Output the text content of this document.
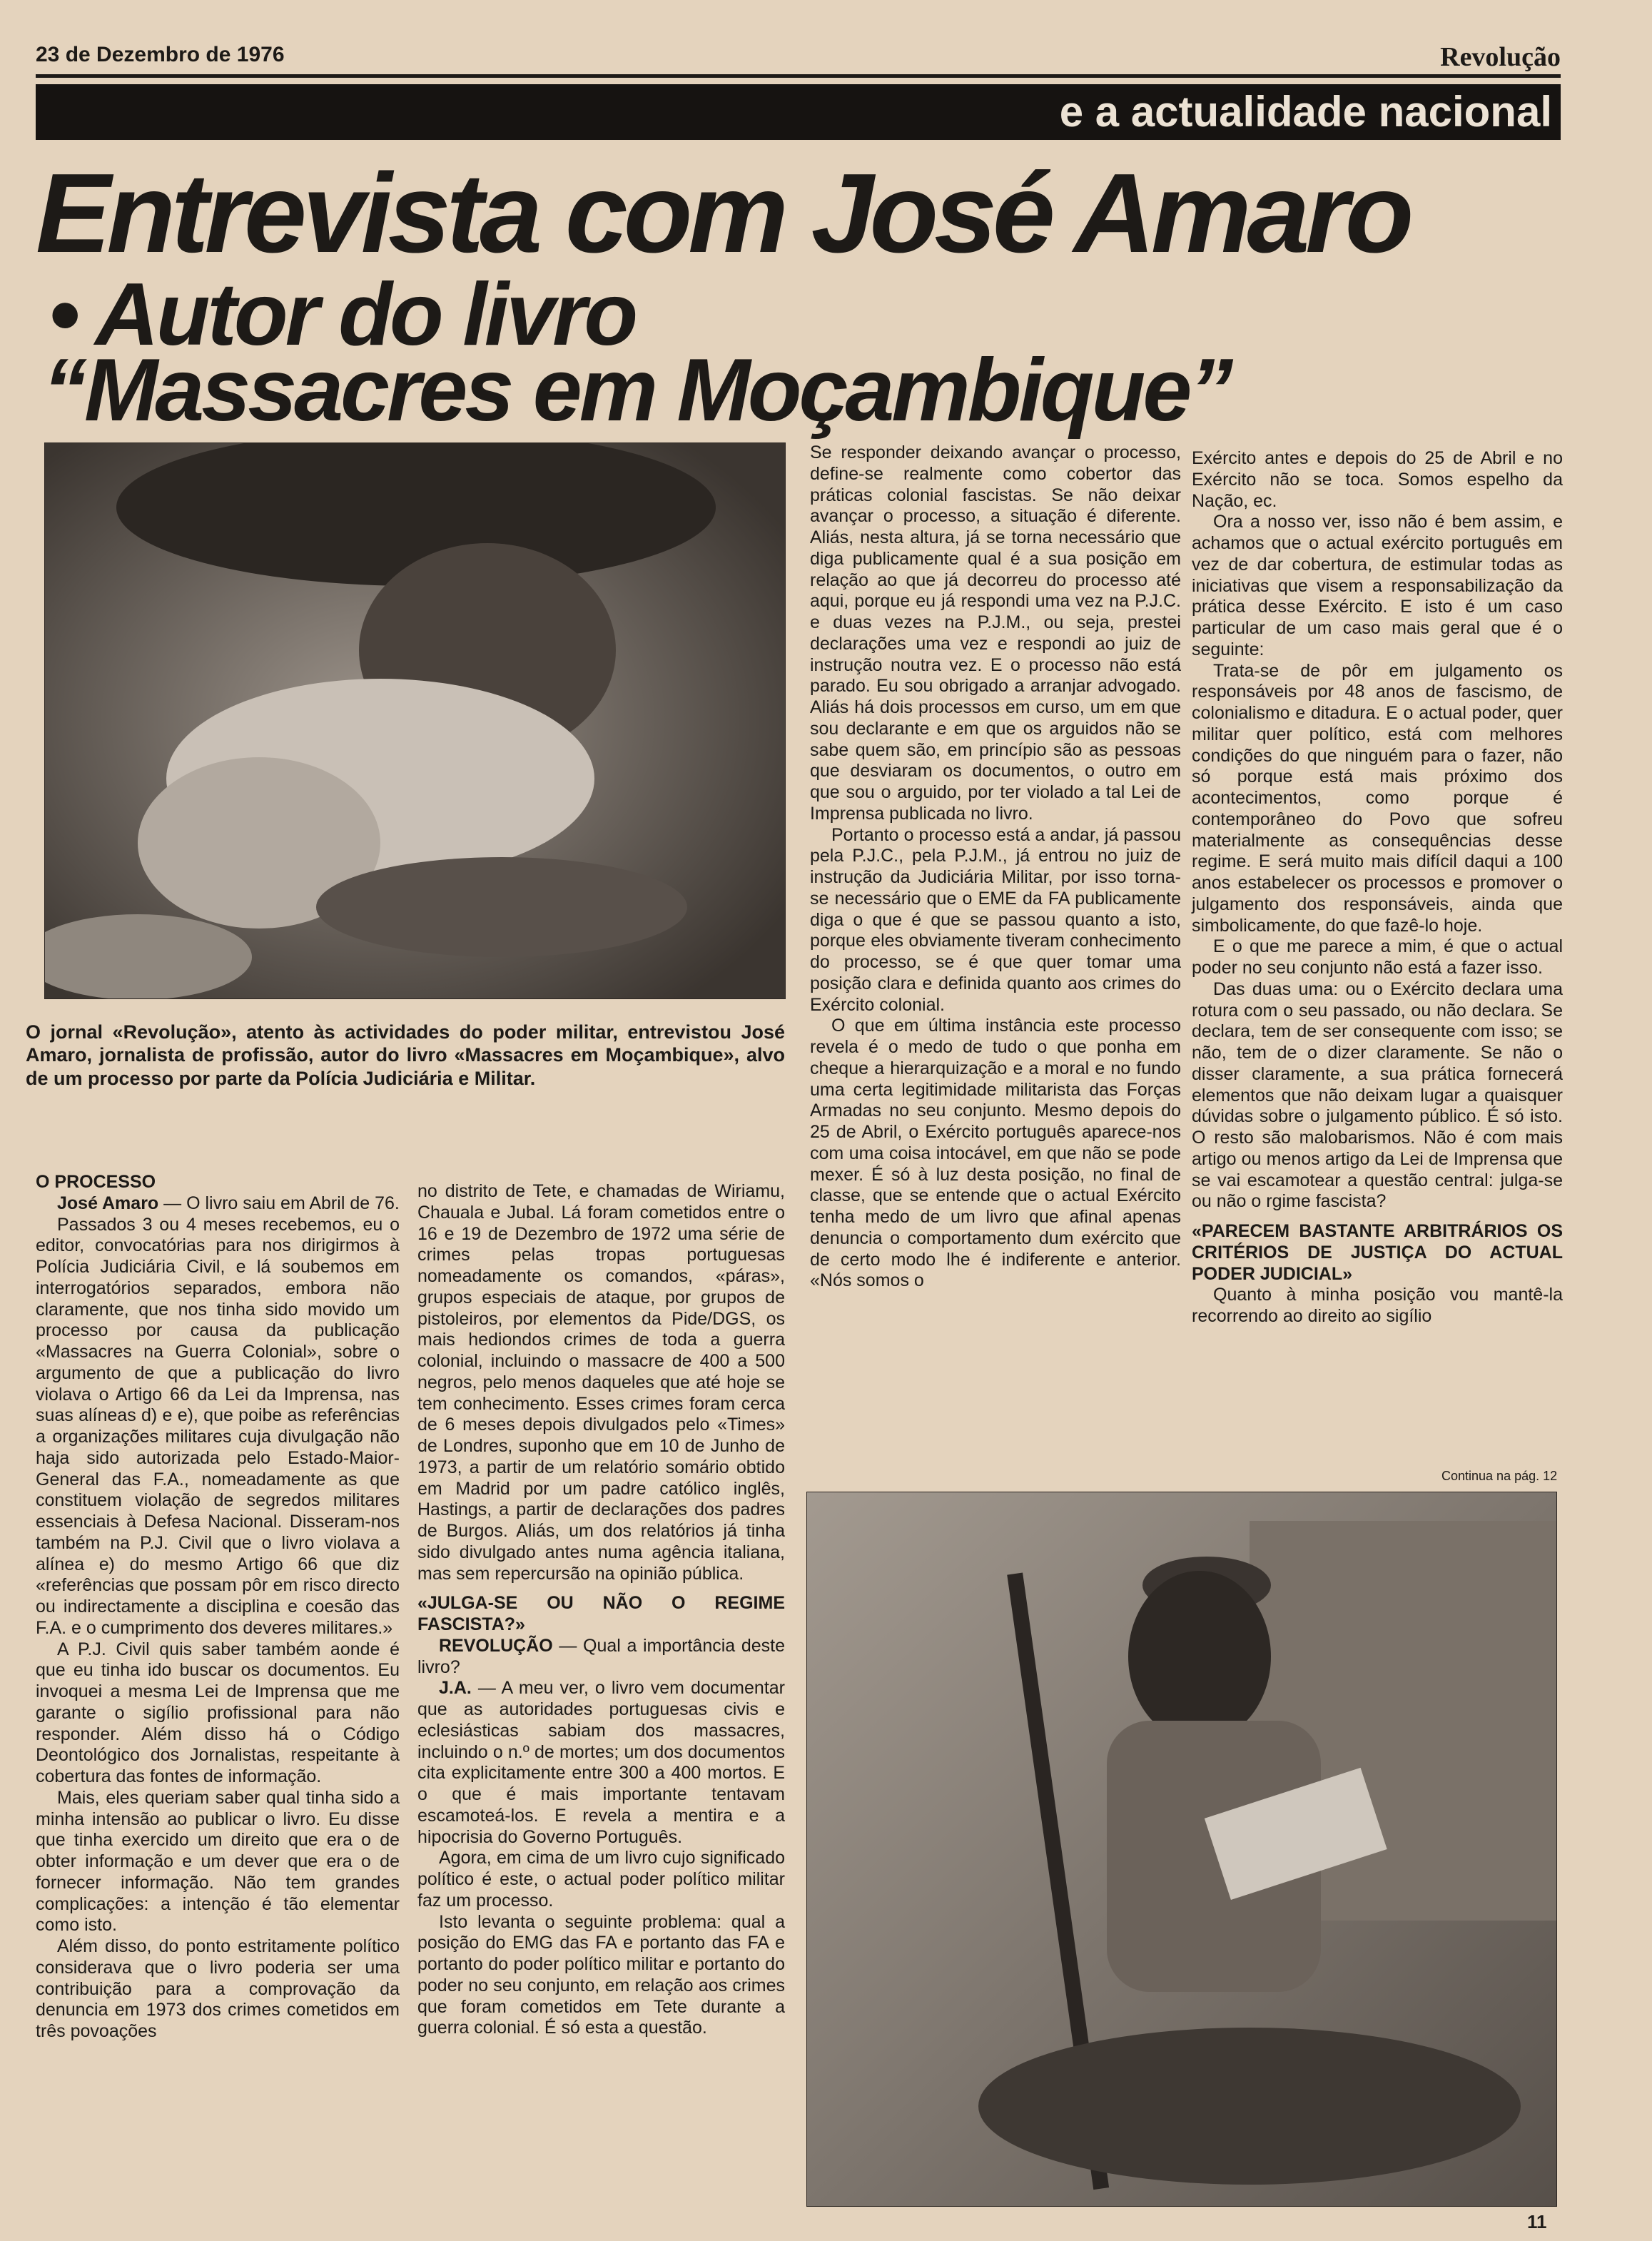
23 de Dezembro de 1976	Revolução
e a actualidade nacional
Entrevista com José Amaro
• Autor do livro
“Massacres em Moçambique”
O jornal «Revolução», atento às actividades do poder militar, entrevistou José Amaro, jornalista de profissão, autor do livro «Massacres em Moçambique», alvo de um processo por parte da Polícia Judiciária e Militar.

O PROCESSO

José Amaro — O livro saiu em Abril de 76.

Passados 3 ou 4 meses recebemos, eu o editor, convocatórias para nos dirigirmos à Polícia Judiciária Civil, e lá soubemos em interrogatórios separados, embora não claramente, que nos tinha sido movido um processo por causa da publicação «Massacres na Guerra Colonial», sobre o argumento de que a publicação do livro violava o Artigo 66 da Lei da Imprensa, nas suas alíneas d) e e), que poibe as referências a organizações militares cuja divulgação não haja sido autorizada pelo Estado-Maior-General das F.A., nomeadamente as que constituem violação de segredos militares essenciais à Defesa Nacional. Disseram-nos também na P.J. Civil que o livro violava a alínea e) do mesmo Artigo 66 que diz «referências que possam pôr em risco directo ou indirectamente a disciplina e coesão das F.A. e o cumprimento dos deveres militares.»

A P.J. Civil quis saber também aonde é que eu tinha ido buscar os documentos. Eu invoquei a mesma Lei de Imprensa que me garante o sigílio profissional para não responder. Além disso há o Código Deontológico dos Jornalistas, respeitante à cobertura das fontes de informação.

Mais, eles queriam saber qual tinha sido a minha intensão ao publicar o livro. Eu disse que tinha exercido um direito que era o de obter informação e um dever que era o de fornecer informação. Não tem grandes complicações: a intenção é tão elementar como isto.

Além disso, do ponto estritamente político considerava que o livro poderia ser uma contribuição para a comprovação da denuncia em 1973 dos crimes cometidos em três povoações

no distrito de Tete, e chamadas de Wiriamu, Chauala e Jubal. Lá foram cometidos entre o 16 e 19 de Dezembro de 1972 uma série de crimes pelas tropas portuguesas nomeadamente os comandos, «páras», grupos especiais de ataque, por grupos de pistoleiros, por elementos da Pide/DGS, os mais hediondos crimes de toda a guerra colonial, incluindo o massacre de 400 a 500 negros, pelo menos daqueles que até hoje se tem conhecimento. Esses crimes foram cerca de 6 meses depois divulgados pelo «Times» de Londres, suponho que em 10 de Junho de 1973, a partir de um relatório somário obtido em Madrid por um padre católico inglês, Hastings, a partir de declarações dos padres de Burgos. Aliás, um dos relatórios já tinha sido divulgado antes numa agência italiana, mas sem repercursão na opinião pública.

«JULGA-SE OU NÃO O REGIME FASCISTA?»

REVOLUÇÃO — Qual a importância deste livro?

J.A. — A meu ver, o livro vem documentar que as autoridades portuguesas civis e eclesiásticas sabiam dos massacres, incluindo o n.º de mortes; um dos documentos cita explicitamente entre 300 a 400 mortos. E o que é mais importante tentavam escamoteá-los. E revela a mentira e a hipocrisia do Governo Português.

Agora, em cima de um livro cujo significado político é este, o actual poder político militar faz um processo.

Isto levanta o seguinte problema: qual a posição do EMG das FA e portanto das FA e portanto do poder político militar e portanto do poder no seu conjunto, em relação aos crimes que foram cometidos em Tete durante a guerra colonial. É só esta a questão.

Se responder deixando avançar o processo, define-se realmente como cobertor das práticas colonial fascistas. Se não deixar avançar o processo, a situação é diferente. Aliás, nesta altura, já se torna necessário que diga publicamente qual é a sua posição em relação ao que já decorreu do processo até aqui, porque eu já respondi uma vez na P.J.C. e duas vezes na P.J.M., ou seja, prestei declarações uma vez e respondi ao juiz de instrução noutra vez. E o processo não está parado. Eu sou obrigado a arranjar advogado. Aliás há dois processos em curso, um em que sou declarante e em que os arguidos não se sabe quem são, em princípio são as pessoas que desviaram os documentos, o outro em que sou o arguido, por ter violado a tal Lei de Imprensa publicada no livro.

Portanto o processo está a andar, já passou pela P.J.C., pela P.J.M., já entrou no juiz de instrução da Judiciária Militar, por isso torna-se necessário que o EME da FA publicamente diga o que é que se passou quanto a isto, porque eles obviamente tiveram conhecimento do processo, se é que quer tomar uma posição clara e definida quanto aos crimes do Exército colonial.

O que em última instância este processo revela é o medo de tudo o que ponha em cheque a hierarquização e a moral e no fundo uma certa legitimidade militarista das Forças Armadas no seu conjunto. Mesmo depois do 25 de Abril, o Exército português aparece-nos com uma coisa intocável, em que não se pode mexer. É só à luz desta posição, no final de classe, que se entende que o actual Exército tenha medo de um livro que afinal apenas denuncia o comportamento dum exército que de certo modo lhe é indiferente e anterior. «Nós somos o

Exército antes e depois do 25 de Abril e no Exército não se toca. Somos espelho da Nação, ec.

Ora a nosso ver, isso não é bem assim, e achamos que o actual exército português em vez de dar cobertura, de estimular todas as iniciativas que visem a responsabilização da prática desse Exército. E isto é um caso particular de um caso mais geral que é o seguinte:

Trata-se de pôr em julgamento os responsáveis por 48 anos de fascismo, de colonialismo e ditadura. E o actual poder, quer militar quer político, está com melhores condições do que ninguém para o fazer, não só porque está mais próximo dos acontecimentos, como porque é contemporâneo do Povo que sofreu materialmente as consequências desse regime. E será muito mais difícil daqui a 100 anos estabelecer os processos e promover o julgamento dos responsáveis, ainda que simbolicamente, do que fazê-lo hoje.

E o que me parece a mim, é que o actual poder no seu conjunto não está a fazer isso.

Das duas uma: ou o Exército declara uma rotura com o seu passado, ou não declara. Se declara, tem de ser consequente com isso; se não, tem de o dizer claramente. Se não o disser claramente, a sua prática fornecerá elementos que não deixam lugar a quaisquer dúvidas sobre o julgamento público. É só isto. O resto são malobarismos. Não é com mais artigo ou menos artigo da Lei de Imprensa que se vai escamotear a questão central: julga-se ou não o rgime fascista?

«PARECEM BASTANTE ARBITRÁRIOS OS CRITÉRIOS DE JUSTIÇA DO ACTUAL PODER JUDICIAL»

Quanto à minha posição vou mantê-la recorrendo ao direito ao sigílio

Continua na pág. 12
11
